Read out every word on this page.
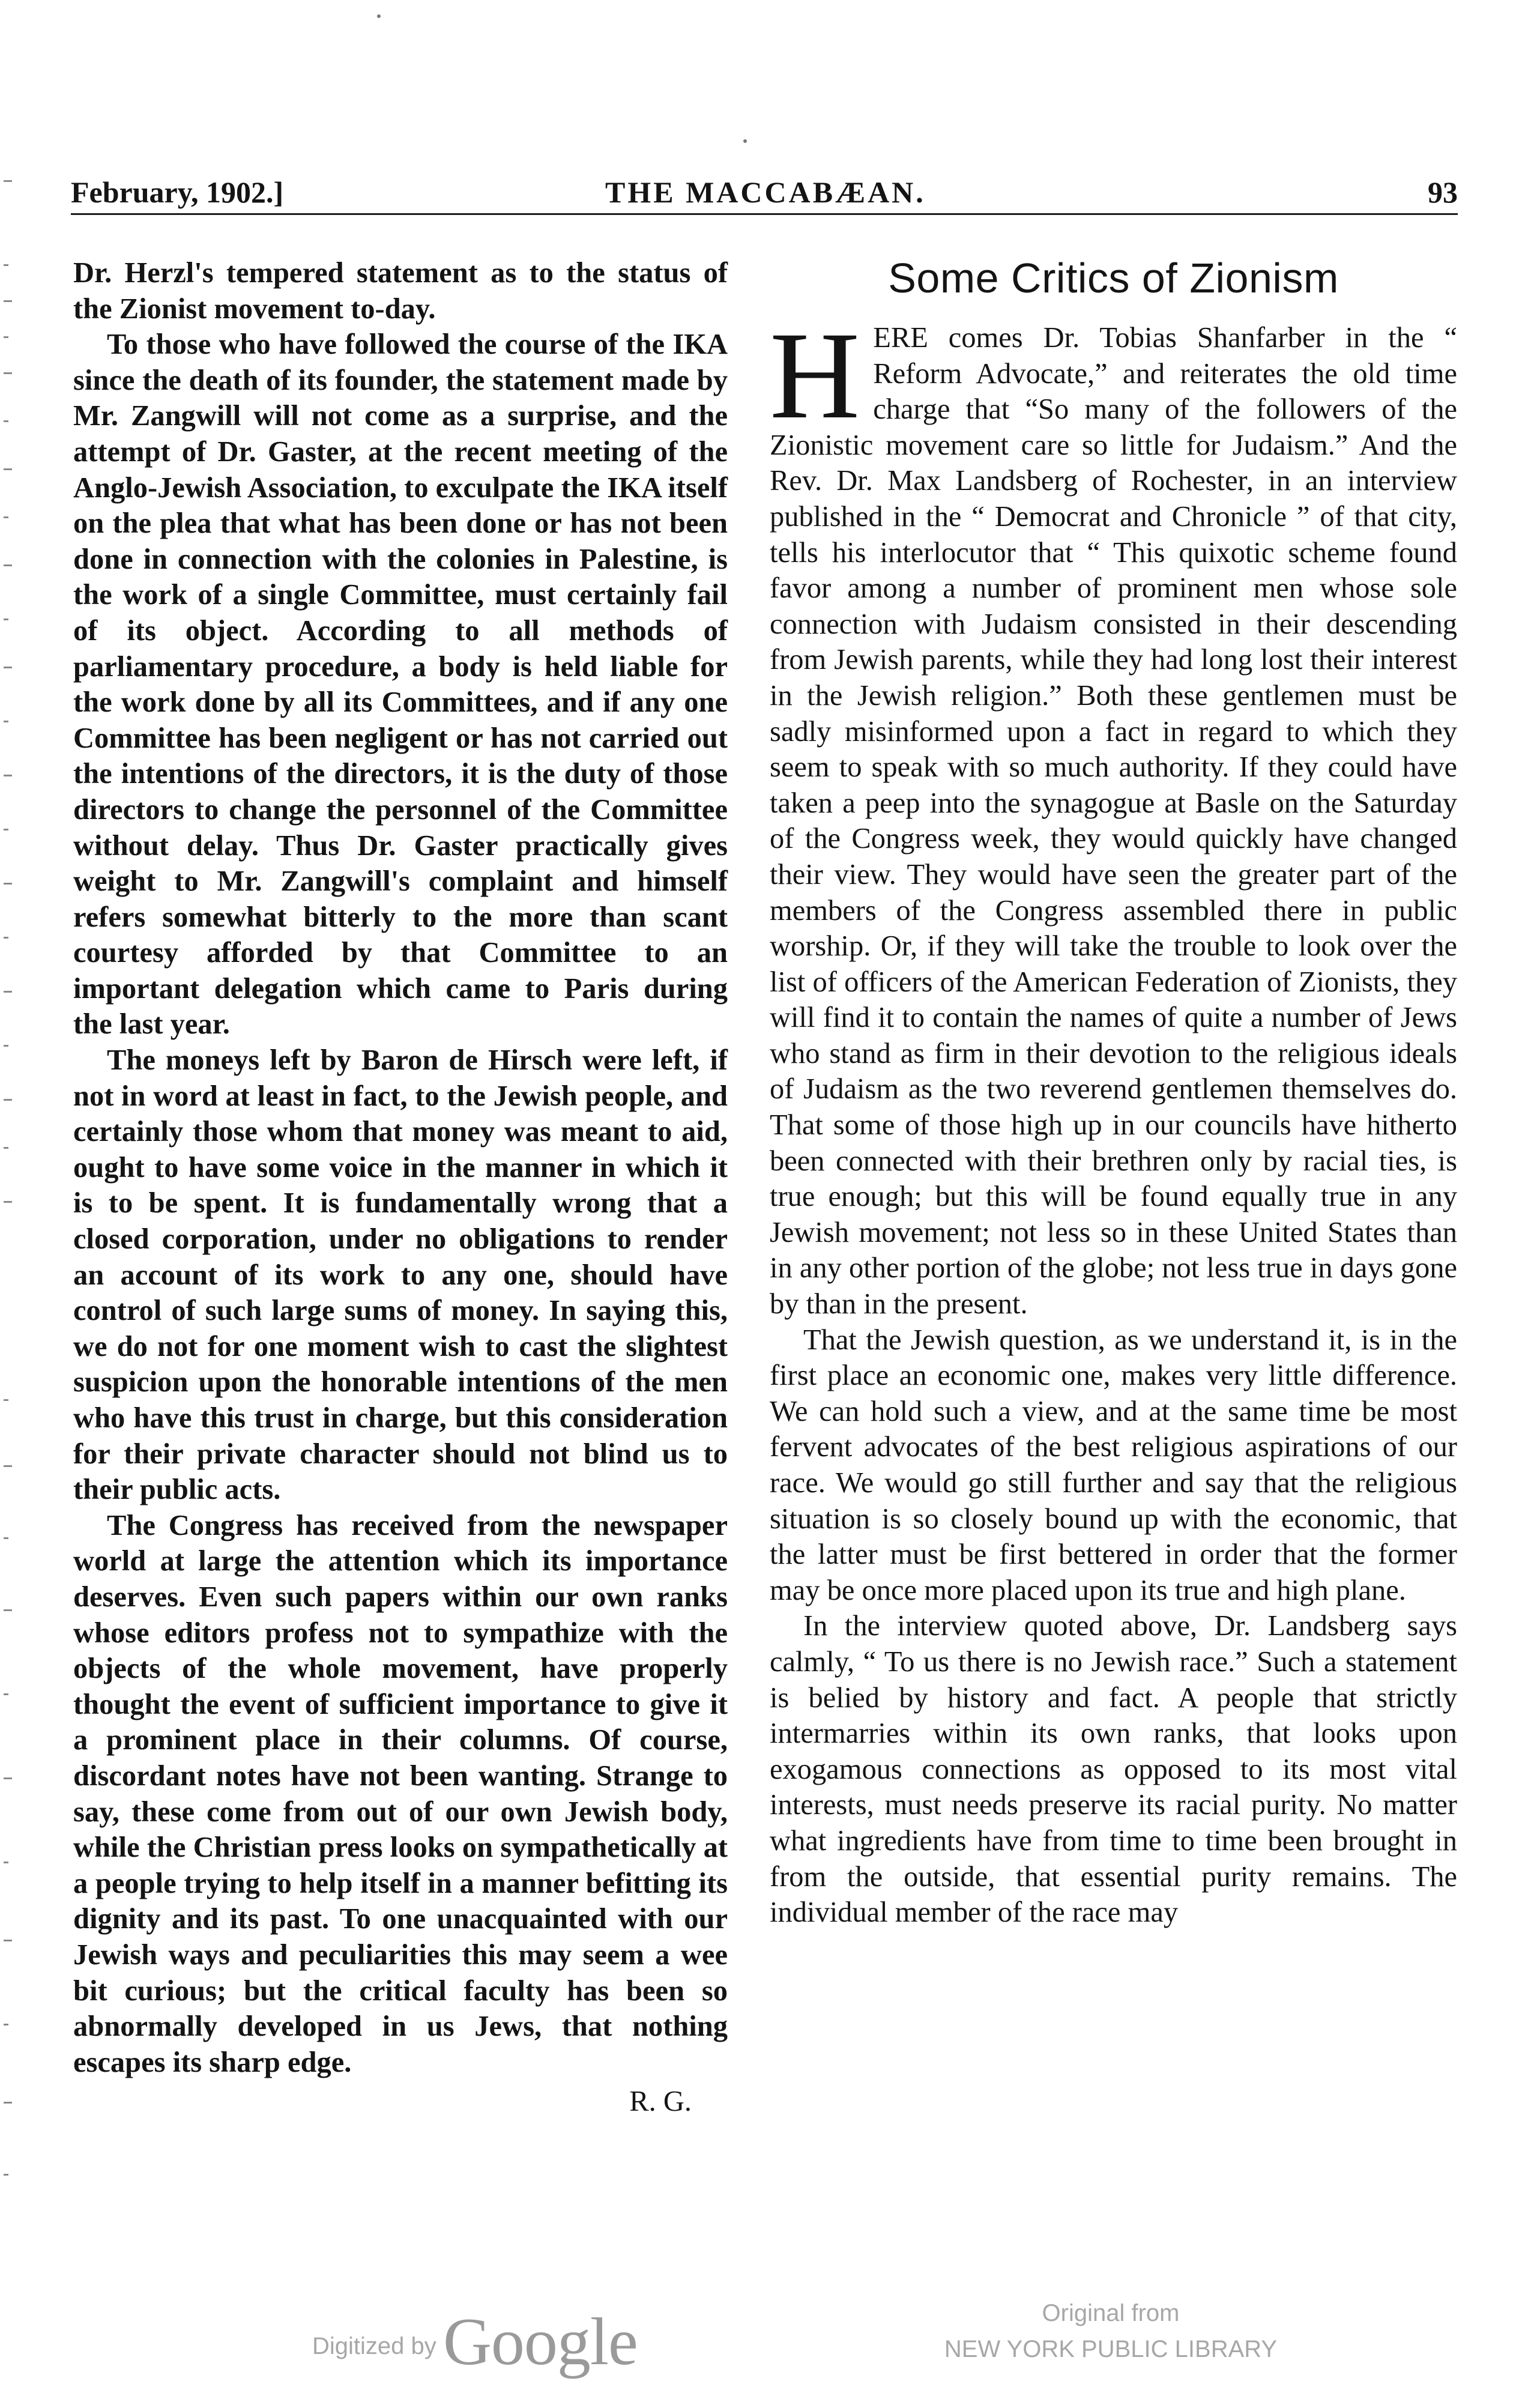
February, 1902.]	THE MACCABÆAN.	93

Dr. Herzl's tempered statement as to the status of the Zionist movement to-day.

To those who have followed the course of the IKA since the death of its founder, the statement made by Mr. Zangwill will not come as a surprise, and the attempt of Dr. Gaster, at the recent meeting of the Anglo-Jewish Association, to exculpate the IKA itself on the plea that what has been done or has not been done in connection with the colonies in Palestine, is the work of a single Committee, must certainly fail of its object. According to all methods of parliamentary procedure, a body is held liable for the work done by all its Committees, and if any one Committee has been negligent or has not carried out the intentions of the directors, it is the duty of those directors to change the personnel of the Committee without delay. Thus Dr. Gaster practically gives weight to Mr. Zangwill's complaint and himself refers somewhat bitterly to the more than scant courtesy afforded by that Committee to an important delegation which came to Paris during the last year.

The moneys left by Baron de Hirsch were left, if not in word at least in fact, to the Jewish people, and certainly those whom that money was meant to aid, ought to have some voice in the manner in which it is to be spent. It is fundamentally wrong that a closed corporation, under no obligations to render an account of its work to any one, should have control of such large sums of money. In saying this, we do not for one moment wish to cast the slightest suspicion upon the honorable intentions of the men who have this trust in charge, but this consideration for their private character should not blind us to their public acts.

The Congress has received from the newspaper world at large the attention which its importance deserves. Even such papers within our own ranks whose editors profess not to sympathize with the objects of the whole movement, have properly thought the event of sufficient importance to give it a prominent place in their columns. Of course, discordant notes have not been wanting. Strange to say, these come from out of our own Jewish body, while the Christian press looks on sympathetically at a people trying to help itself in a manner befitting its dignity and its past. To one unacquainted with our Jewish ways and peculiarities this may seem a wee bit curious; but the critical faculty has been so abnormally developed in us Jews, that nothing escapes its sharp edge.

R. G.
Some Critics of Zionism

HERE comes Dr. Tobias Shanfarber in the “ Reform Advocate,” and reiterates the old time charge that “So many of the followers of the Zionistic movement care so little for Judaism.” And the Rev. Dr. Max Landsberg of Rochester, in an interview published in the “ Democrat and Chronicle ” of that city, tells his interlocutor that “ This quixotic scheme found favor among a number of prominent men whose sole connection with Judaism consisted in their descending from Jewish parents, while they had long lost their interest in the Jewish religion.” Both these gentlemen must be sadly misinformed upon a fact in regard to which they seem to speak with so much authority. If they could have taken a peep into the synagogue at Basle on the Saturday of the Congress week, they would quickly have changed their view. They would have seen the greater part of the members of the Congress assembled there in public worship. Or, if they will take the trouble to look over the list of officers of the American Federation of Zionists, they will find it to contain the names of quite a number of Jews who stand as firm in their devotion to the religious ideals of Judaism as the two reverend gentlemen themselves do. That some of those high up in our councils have hitherto been connected with their brethren only by racial ties, is true enough; but this will be found equally true in any Jewish movement; not less so in these United States than in any other portion of the globe; not less true in days gone by than in the present.

That the Jewish question, as we understand it, is in the first place an economic one, makes very little difference. We can hold such a view, and at the same time be most fervent advocates of the best religious aspirations of our race. We would go still further and say that the religious situation is so closely bound up with the economic, that the latter must be first bettered in order that the former may be once more placed upon its true and high plane.

In the interview quoted above, Dr. Landsberg says calmly, “ To us there is no Jewish race.” Such a statement is belied by history and fact. A people that strictly intermarries within its own ranks, that looks upon exogamous connections as opposed to its most vital interests, must needs preserve its racial purity. No matter what ingredients have from time to time been brought in from the outside, that essential purity remains. The individual member of the race may

Digitized by Google	Original from
NEW YORK PUBLIC LIBRARY
